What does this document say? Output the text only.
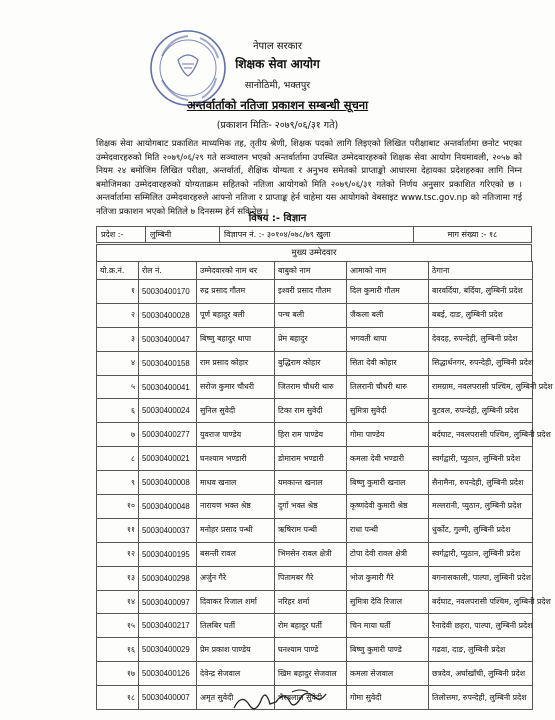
नेपाल सरकार
शिक्षक सेवा आयोग
सानोठिमी, भक्तपुर
अन्तर्वार्ताको नतिजा प्रकाशन सम्बन्धी सूचना
(प्रकाशन मितिः- २०७९/०६/३१ गते)
शिक्षक सेवा आयोगबाट प्रकाशित माध्यमिक तह, तृतीय श्रेणी, शिक्षक पदको लागि लिइएको लिखित परीक्षाबाट अन्तर्वार्तामा छनोट भएका उम्मेदवारहरुको मिति २०७९/०६/२९ गते सञ्चालन भएको अन्तर्वार्तामा उपस्थित उम्मेदवारहरुको शिक्षक सेवा आयोग नियमावली, २०५७ को नियम २४ बमोजिम लिखित परीक्षा, अन्तर्वार्ता, शैक्षिक योग्यता र अनुभव समेतको प्राप्ताङ्को आधारमा देहायका प्रदेशहरुका लागि निम्न बमोजिमका उम्मेदवारहरुको योग्यताक्रम सहितको नतिजा आयोगको मिति २०७९/०६/३१ गतेको निर्णय अनुसार प्रकाशित गरिएको छ । अन्तर्वार्तामा सम्मिलित उम्मेदवारहरुले आफ्नो नतिजा र प्राप्ताङ्क हेर्न चाहेमा यस आयोगको वेबसाइट www.tsc.gov.np को नतिजामा गई नतिजा प्रकाशन भएको मितिले ७ दिनसम्म हेर्न सकिनेछ ।
विषय :- विज्ञान
प्रदेश :-	लुम्बिनी	विज्ञापन नं. :- ३०१०४/०७८/७९ खुला	माग संख्या :- १८
मुख्य उम्मेदवार
यो.क्र.नं.	रोल नं.	उम्मेदवारको नाम थर	बाबुको नाम	आमाको नाम	ठेगाना
१	50030400170	रुद्र प्रसाद गौतम	इश्वरी प्रसाद गौतम	दिल कुमारी गौतम	बारवर्दिया, बर्दिया, लुम्बिनी प्रदेश
२	50030400028	पूर्ण बहादुर बली	पन्च बली	जैकला बली	बबई, दाङ, लुम्बिनी प्रदेश
३	50030400047	बिष्णु बहादुर थापा	प्रेम बहादुर	भगवती थापा	देवदह, रुपन्देही, लुम्बिनी प्रदेश
४	50030400158	राम प्रसाद कोहार	बुद्धिराम कोहार	सिता देवी कोहार	सिद्धार्थनगर, रुपन्देही, लुम्बिनी प्रदेश
५	50030400041	सरोज कुमार चौधरी	जितराम चौधरी थारु	तिलरानी चौधरी थारु	रामग्राम, नवलपरासी पश्चिम, लुम्बिनी प्रदेश
६	50030400024	सुनिल सुवेदी	टिका राम सुवेदी	सुमित्रा सुवेदी	बुटवल, रुपन्देही, लुम्बिनी प्रदेश
७	50030400277	युवराज पाण्डेय	हिरा राम पाण्डेय	गोमा पाण्डेय	बर्दघाट, नवलपरासी पश्चिम, लुम्बिनी प्रदेश
८	50030400021	घनश्याम भण्डारी	डोमाराम भण्डारी	कमला देवी भण्डारी	स्वर्गद्वारी, प्युठान, लुम्बिनी प्रदेश
९	50030400008	माधव खनाल	यमकान्त खनाल	बिष्णु कुमारी खनाल	सैनामैना, रुपन्देही, लुम्बिनी प्रदेश
१०	50030400048	नारायण भक्त श्रेष्ठ	दुर्गा भक्त श्रेष्ठ	कृष्णदेवी कुमारी श्रेष्ठ	मल्लरानी, प्युठान, लुम्बिनी प्रदेश
११	50030400037	मनोहर प्रसाद पन्थी	ऋषिराम पन्थी	राधा पन्थी	धुर्कोट, गुल्मी, लुम्बिनी प्रदेश
१२	50030400195	बसन्ती रावल	भिमसेन रावल क्षेत्री	टोपा देवी रावल क्षेत्री	स्वर्गद्वारी, प्युठान, लुम्बिनी प्रदेश
१३	50030400298	अर्जुन गैरे	पितामबर गैरे	भोज कुमारी गैरे	बगनासकाली, पाल्पा, लुम्बिनी प्रदेश
१४	50030400097	दिवाकर रिजाल शर्मा	नरिहर शर्मा	सुमित्रा देवि रिजाल	बर्दघाट, नवलपरासी पश्चिम, लुम्बिनी प्रदेश
१५	50030400217	तिलबिर घर्ती	रोम बहादुर घर्ती	चिन माया घर्ती	रैनादेवी छहरा, पाल्पा, लुम्बिनी प्रदेश
१६	50030400029	प्रेम प्रकाश पाण्डेय	घनश्याम पाण्डे	बिष्णु कुमारी पाण्डे	गढवा, दाङ, लुम्बिनी प्रदेश
१७	50030400126	देवेन्द्र सेजवाल	खिम बहादुर सेजवाल	कमला सेजवाल	छत्रदेव, अर्घाखाँची, लुम्बिनी प्रदेश
१८	50030400007	अमृत सुवेदी	भैरबलाल सुवेदी	गोमा सुवेदी	तिलोत्तमा, रुपन्देही, लुम्बिनी प्रदेश
